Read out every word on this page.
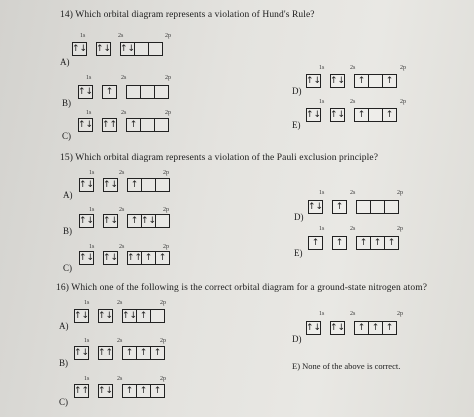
14) Which orbital diagram represents a violation of Hund's Rule?
1s	2s	2p
A)
↑↓ ↑↓ ↑↓
1s	2s	2p
B)
↑↓	↑
1s	2s	2p
C)
↑↓ ↑↑	↑
1s	2s	2p
D)
↑↓ ↑↓	↑	↑
1s	2s	2p
E)
↑↓ ↑↓	↑	↑
15) Which orbital diagram represents a violation of the Pauli exclusion principle?
1s	2s	2p
A)
↑↓ ↑↓	↑
1s	2s	2p
B)
↑↓ ↑↓	↑ ↑↓
1s	2s	2p
C)
↑↓ ↑↓ ↑↑ ↑ ↑
1s	2s	2p
D)
↑↓	↑
1s	2s	2p
E)
↑	↑	↑ ↑ ↑
16) Which one of the following is the correct orbital diagram for a ground-state nitrogen atom?
1s	2s	2p
A)
↑↓ ↑↓ ↑↓ ↑
1s	2s	2p
B)
↑↓ ↑↑	↑ ↑ ↑
1s	2s	2p
C)
↑↑ ↑↓	↑ ↑ ↑
1s	2s	2p
D)
↑↓ ↑↓	↑ ↑ ↑
E) None of the above is correct.
